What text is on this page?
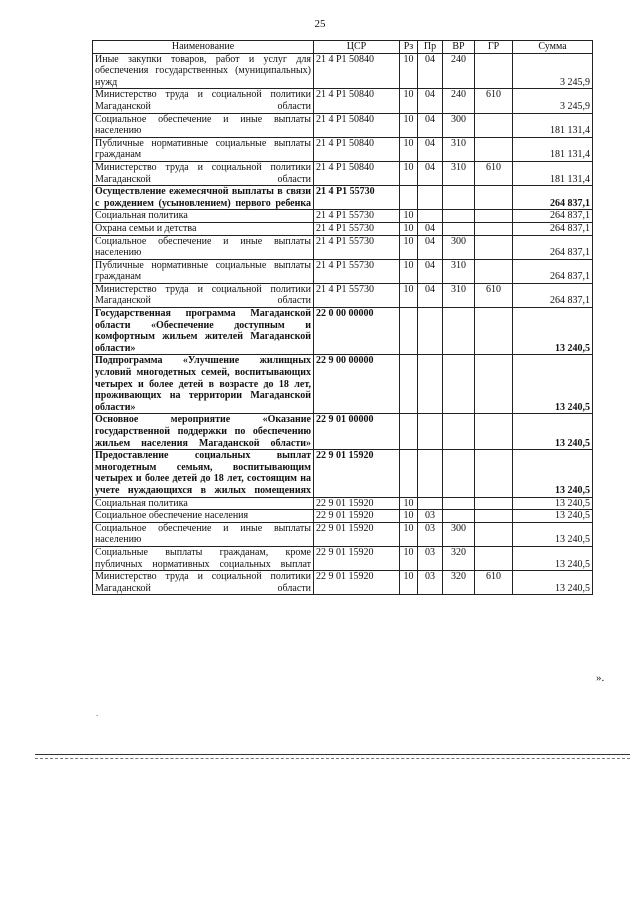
25
Наименование	ЦСР	Рз	Пр	ВР	ГР	Сумма
Иные закупки товаров, работ и услуг для обеспечения государственных (муниципальных) нужд	21 4 Р1 50840	10	04	240		3 245,9
Министерство труда и социальной политики Магаданской области	21 4 Р1 50840	10	04	240	610	3 245,9
Социальное обеспечение и иные выплаты населению	21 4 Р1 50840	10	04	300		181 131,4
Публичные нормативные социальные выплаты гражданам	21 4 Р1 50840	10	04	310		181 131,4
Министерство труда и социальной политики Магаданской области	21 4 Р1 50840	10	04	310	610	181 131,4
Осуществление ежемесячной выплаты в связи с рождением (усыновлением) первого ребенка	21 4 Р1 55730					264 837,1
Социальная политика	21 4 Р1 55730	10				264 837,1
Охрана семьи и детства	21 4 Р1 55730	10	04			264 837,1
Социальное обеспечение и иные выплаты населению	21 4 Р1 55730	10	04	300		264 837,1
Публичные нормативные социальные выплаты гражданам	21 4 Р1 55730	10	04	310		264 837,1
Министерство труда и социальной политики Магаданской области	21 4 Р1 55730	10	04	310	610	264 837,1
Государственная программа Магаданской области «Обеспечение доступным и комфортным жильем жителей Магаданской области»	22 0 00 00000					13 240,5
Подпрограмма «Улучшение жилищных условий многодетных семей, воспитывающих четырех и более детей в возрасте до 18 лет, проживающих на территории Магаданской области»	22 9 00 00000					13 240,5
Основное мероприятие «Оказание государственной поддержки по обеспечению жильем населения Магаданской области»	22 9 01 00000					13 240,5
Предоставление социальных выплат многодетным семьям, воспитывающим четырех и более детей до 18 лет, состоящим на учете нуждающихся в жилых помещениях	22 9 01 15920					13 240,5
Социальная политика	22 9 01 15920	10				13 240,5
Социальное обеспечение населения	22 9 01 15920	10	03			13 240,5
Социальное обеспечение и иные выплаты населению	22 9 01 15920	10	03	300		13 240,5
Социальные выплаты гражданам, кроме публичных нормативных социальных выплат	22 9 01 15920	10	03	320		13 240,5
Министерство труда и социальной политики Магаданской области	22 9 01 15920	10	03	320	610	13 240,5
».
.
